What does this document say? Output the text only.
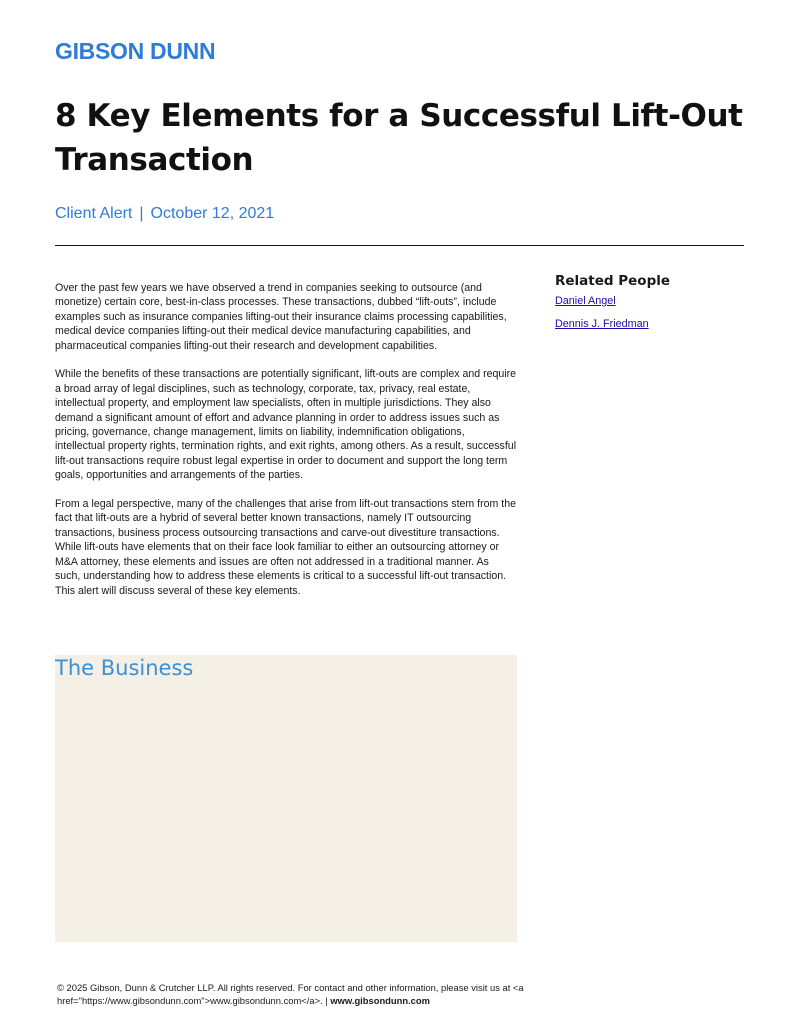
GIBSON DUNN
8 Key Elements for a Successful Lift-Out Transaction
Client Alert | October 12, 2021

Over the past few years we have observed a trend in companies seeking to outsource (and monetize) certain core, best-in-class processes. These transactions, dubbed “lift-outs”, include examples such as insurance companies lifting-out their insurance claims processing capabilities, medical device companies lifting-out their medical device manufacturing capabilities, and pharmaceutical companies lifting-out their research and development capabilities.

While the benefits of these transactions are potentially significant, lift-outs are complex and require a broad array of legal disciplines, such as technology, corporate, tax, privacy, real estate, intellectual property, and employment law specialists, often in multiple jurisdictions. They also demand a significant amount of effort and advance planning in order to address issues such as pricing, governance, change management, limits on liability, indemnification obligations, intellectual property rights, termination rights, and exit rights, among others. As a result, successful lift-out transactions require robust legal expertise in order to document and support the long term goals, opportunities and arrangements of the parties.

From a legal perspective, many of the challenges that arise from lift-out transactions stem from the fact that lift-outs are a hybrid of several better known transactions, namely IT outsourcing transactions, business process outsourcing transactions and carve-out divestiture transactions. While lift-outs have elements that on their face look familiar to either an outsourcing attorney or M&A attorney, these elements and issues are often not addressed in a traditional manner. As such, understanding how to address these elements is critical to a successful lift-out transaction. This alert will discuss several of these key elements.

Related People
Daniel Angel
Dennis J. Friedman
The Business
© 2025 Gibson, Dunn & Crutcher LLP. All rights reserved. For contact and other information, please visit us at <a href="https://www.gibsondunn.com">www.gibsondunn.com</a>. | www.gibsondunn.com
